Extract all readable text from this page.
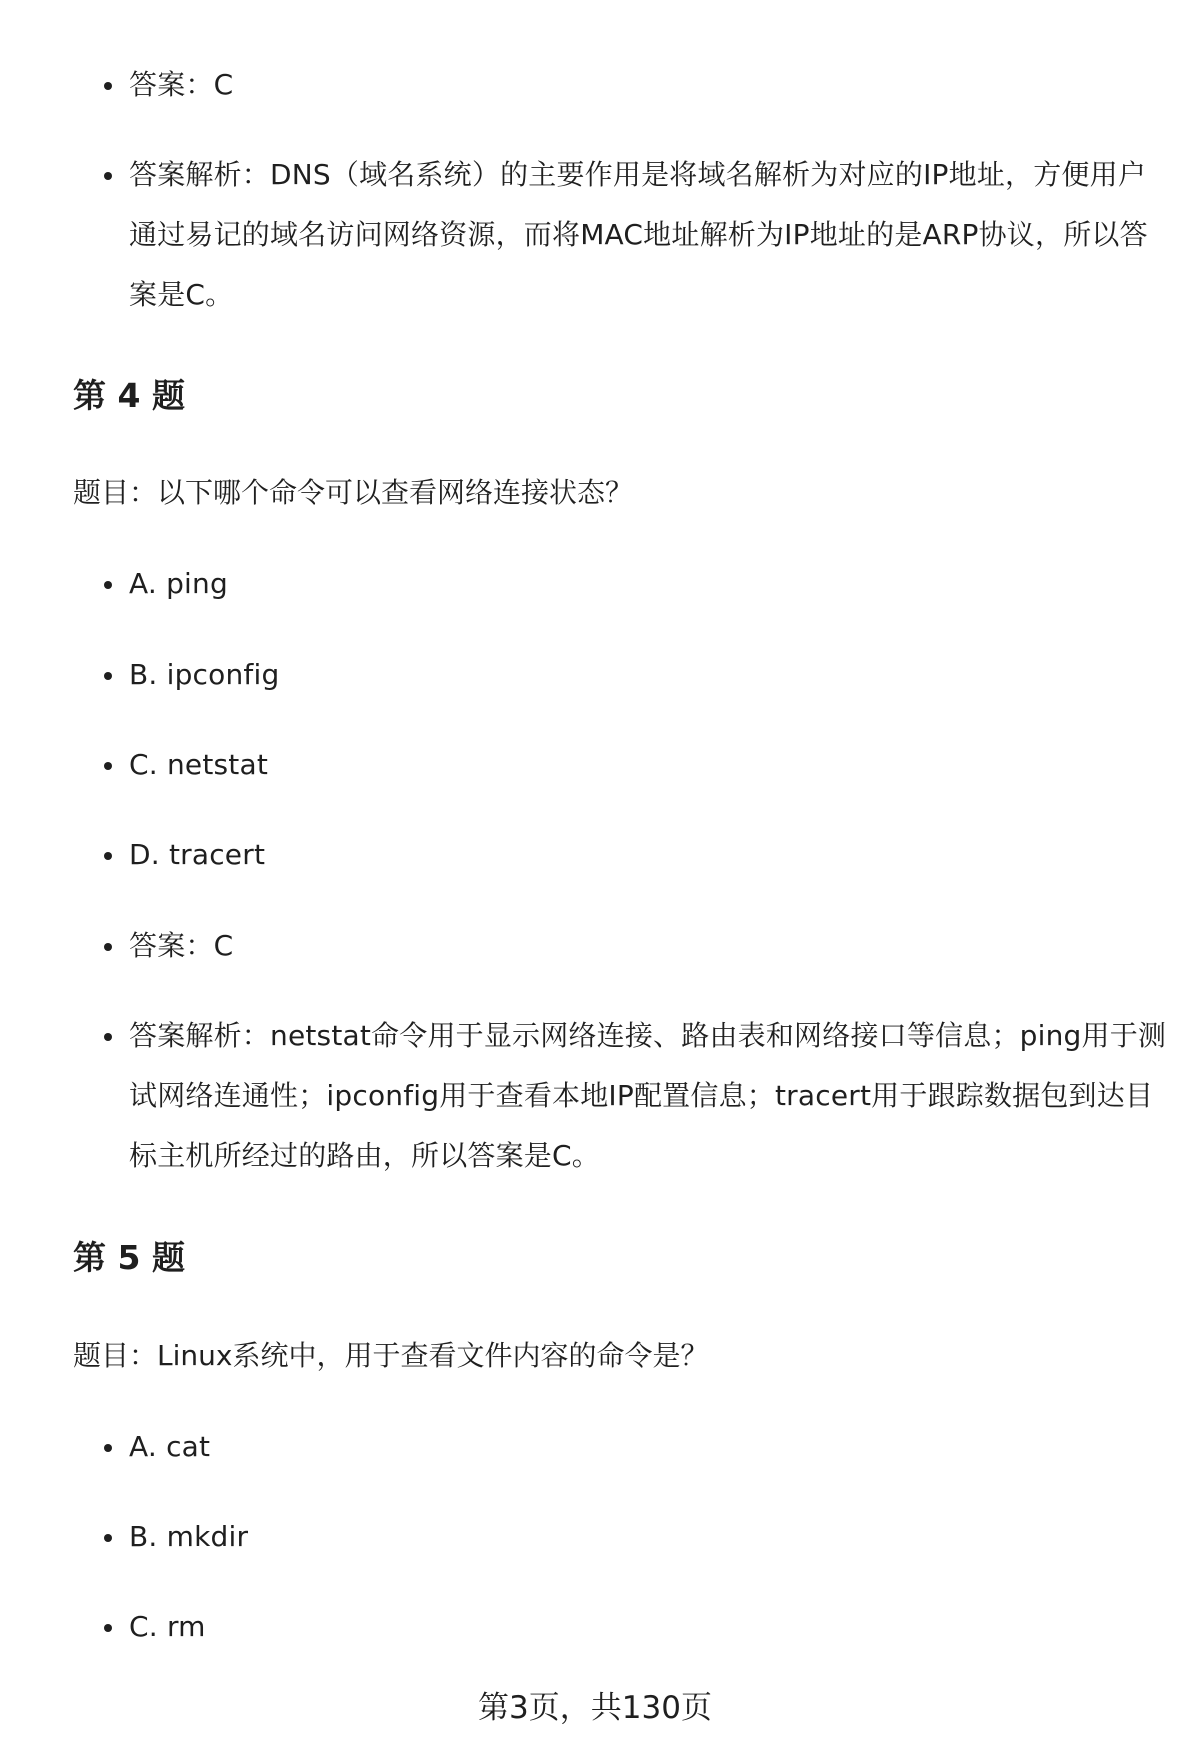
答案：C
答案解析：DNS（域名系统）的主要作用是将域名解析为对应的IP地址，方便用户通过易记的域名访问网络资源，而将MAC地址解析为IP地址的是ARP协议，所以答案是C。
第 4 题
题目：以下哪个命令可以查看网络连接状态？
A. ping
B. ipconfig
C. netstat
D. tracert
答案：C
答案解析：netstat命令用于显示网络连接、路由表和网络接口等信息；ping用于测试网络连通性；ipconfig用于查看本地IP配置信息；tracert用于跟踪数据包到达目标主机所经过的路由，所以答案是C。
第 5 题
题目：Linux系统中，用于查看文件内容的命令是？
A. cat
B. mkdir
C. rm
第3页，共130页
